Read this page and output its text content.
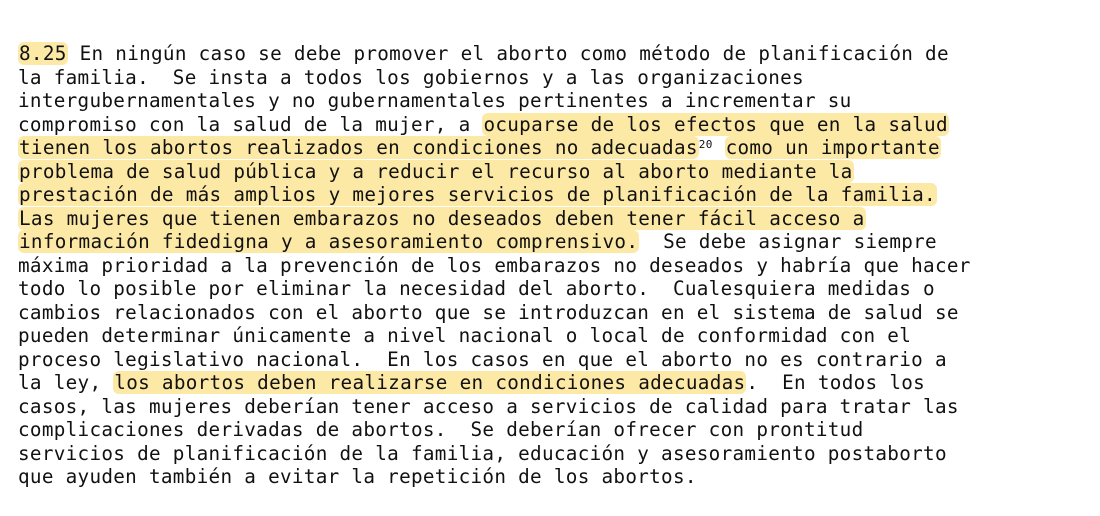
8.25 En ningún caso se debe promover el aborto como método de planificación de
la familia.  Se insta a todos los gobiernos y a las organizaciones
intergubernamentales y no gubernamentales pertinentes a incrementar su
compromiso con la salud de la mujer, a ocuparse de los efectos que en la salud
tienen los abortos realizados en condiciones no adecuadas$^{20}$ como un importante
problema de salud pública y a reducir el recurso al aborto mediante la
prestación de más amplios y mejores servicios de planificación de la familia.
Las mujeres que tienen embarazos no deseados deben tener fácil acceso a
información fidedigna y a asesoramiento comprensivo.  Se debe asignar siempre
máxima prioridad a la prevención de los embarazos no deseados y habría que hacer
todo lo posible por eliminar la necesidad del aborto.  Cualesquiera medidas o
cambios relacionados con el aborto que se introduzcan en el sistema de salud se
pueden determinar únicamente a nivel nacional o local de conformidad con el
proceso legislativo nacional.  En los casos en que el aborto no es contrario a
la ley, los abortos deben realizarse en condiciones adecuadas.  En todos los
casos, las mujeres deberían tener acceso a servicios de calidad para tratar las
complicaciones derivadas de abortos.  Se deberían ofrecer con prontitud
servicios de planificación de la familia, educación y asesoramiento postaborto
que ayuden también a evitar la repetición de los abortos.
